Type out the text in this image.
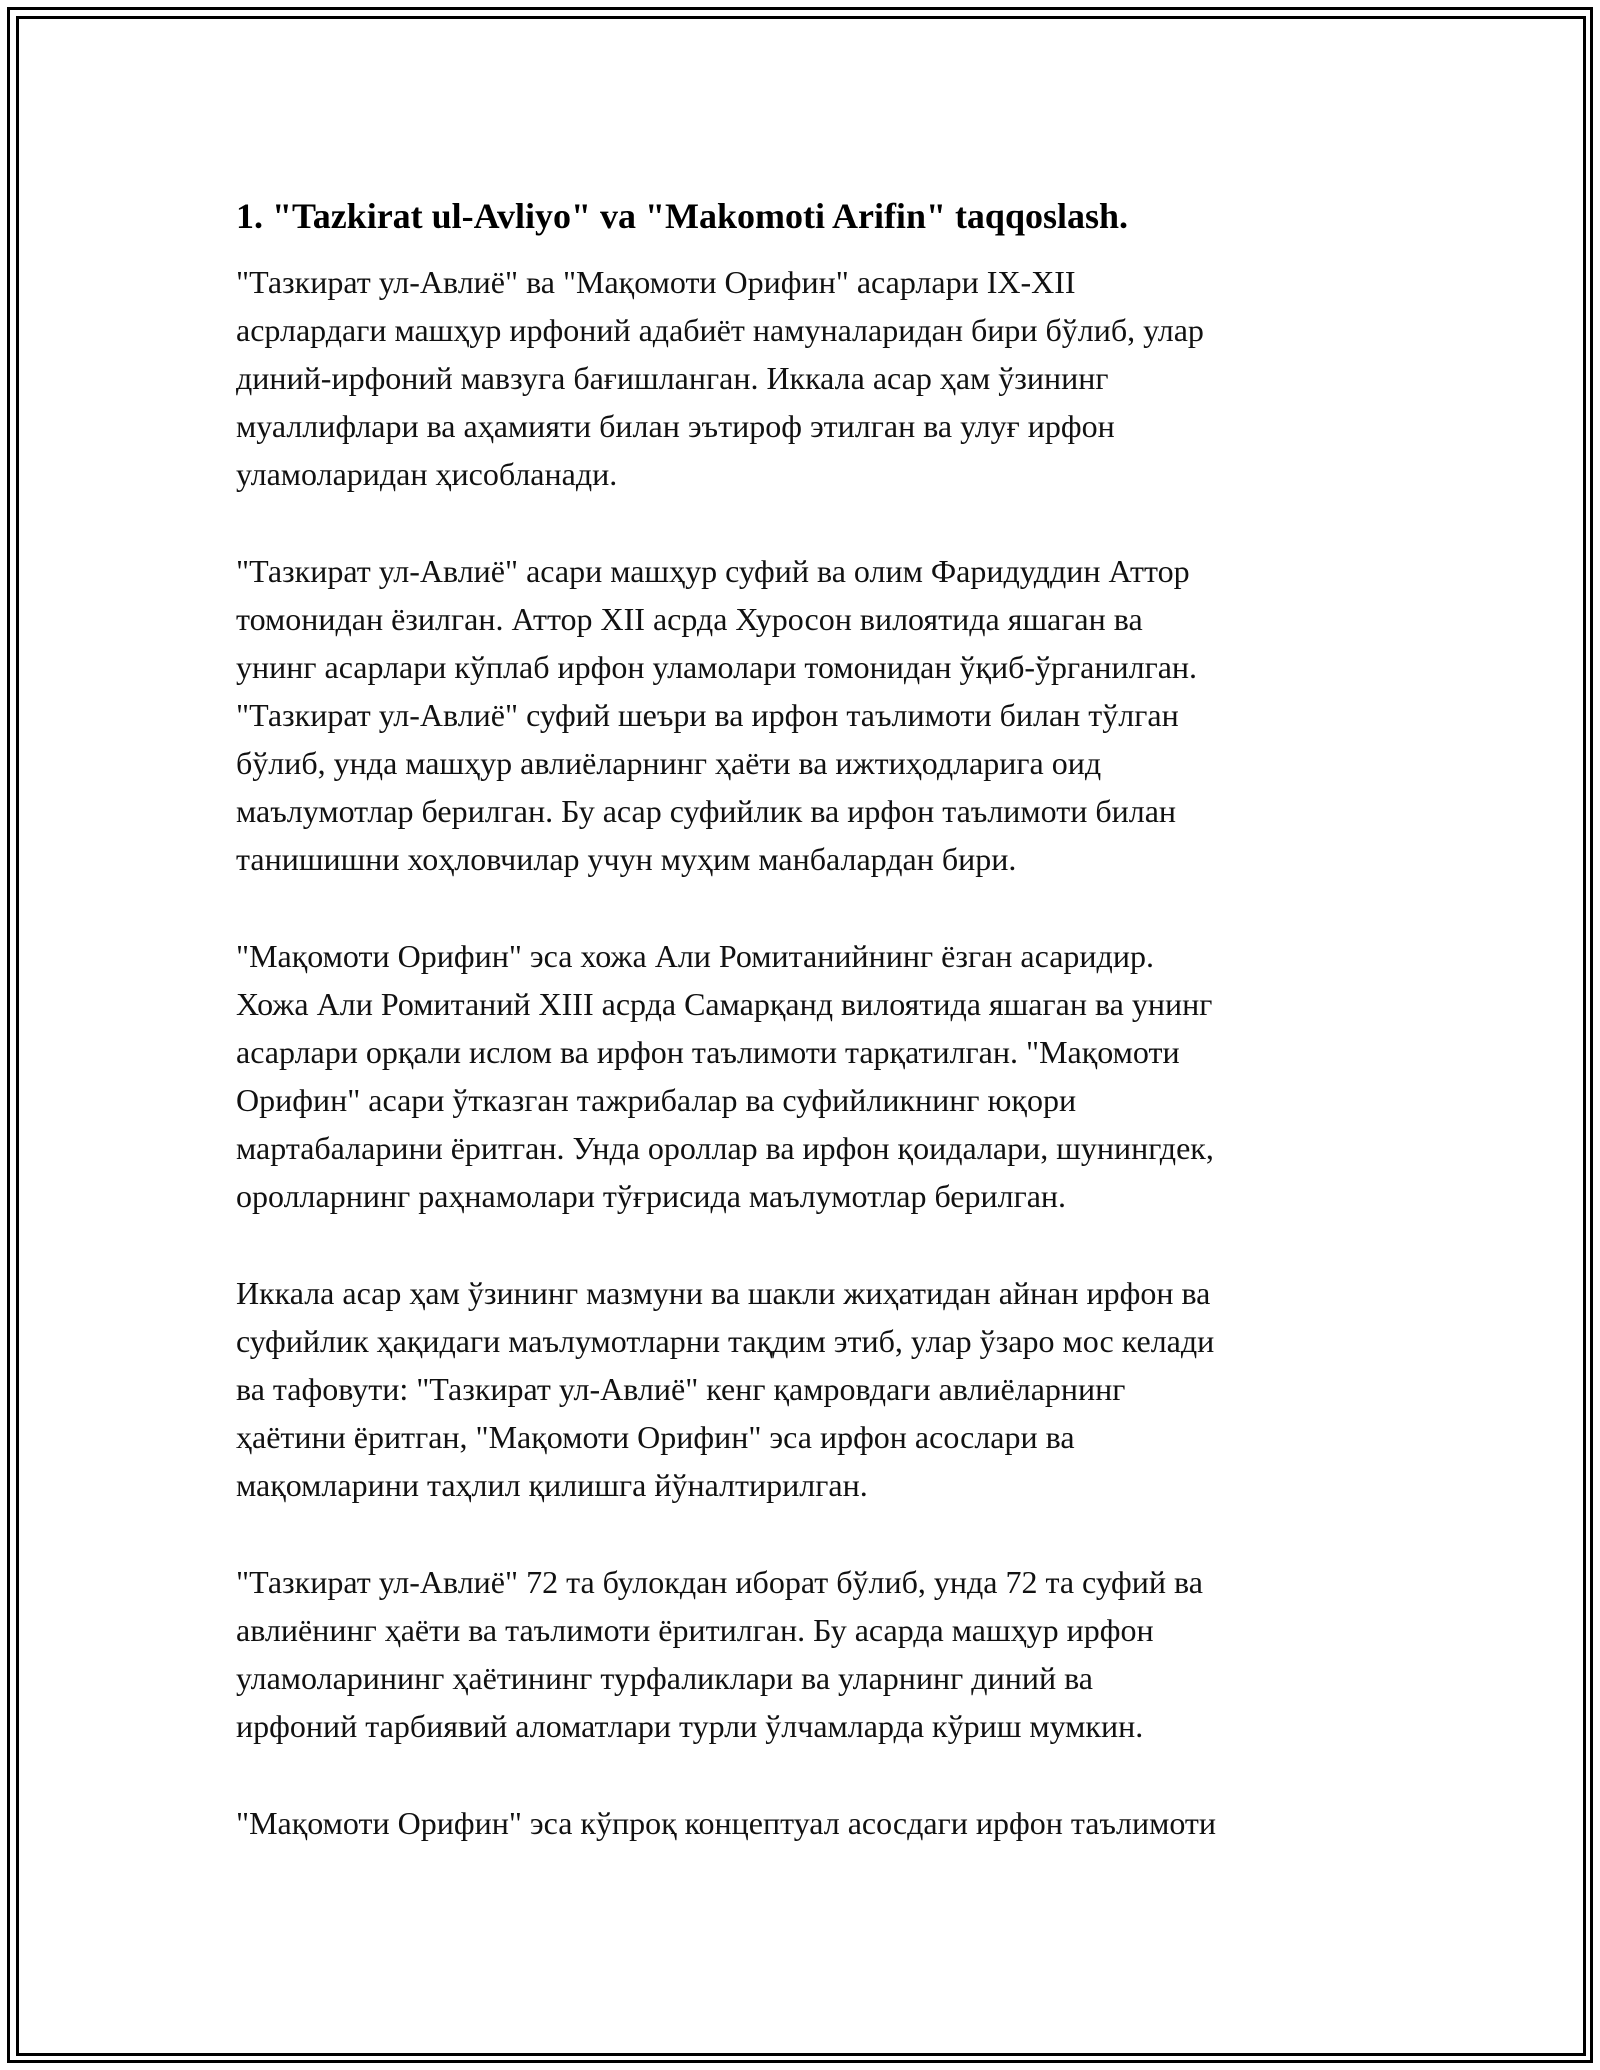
1. "Tazkirat ul-Avliyo" va "Makomoti Arifin" taqqoslash.
"Тазкират ул-Авлиё" ва "Мақомоти Орифин" асарлари IX-XII
асрлардаги машҳур ирфоний адабиёт намуналаридан бири бўлиб, улар
диний-ирфоний мавзуга бағишланган. Иккала асар ҳам ўзининг
муаллифлари ва аҳамияти билан эътироф этилган ва улуғ ирфон
уламоларидан ҳисобланади.
"Тазкират ул-Авлиё" асари машҳур суфий ва олим Фаридуддин Аттор
томонидан ёзилган. Аттор XII асрда Хуросон вилоятида яшаган ва
унинг асарлари кўплаб ирфон уламолари томонидан ўқиб-ўрганилган.
"Тазкират ул-Авлиё" суфий шеъри ва ирфон таълимоти билан тўлган
бўлиб, унда машҳур авлиёларнинг ҳаёти ва ижтиҳодларига оид
маълумотлар берилган. Бу асар суфийлик ва ирфон таълимоти билан
танишишни хоҳловчилар учун муҳим манбалардан бири.
"Мақомоти Орифин" эса хожа Али Ромитанийнинг ёзган асаридир.
Хожа Али Ромитаний XIII асрда Самарқанд вилоятида яшаган ва унинг
асарлари орқали ислом ва ирфон таълимоти тарқатилган. "Мақомоти
Орифин" асари ўтказган тажрибалар ва суфийликнинг юқори
мартабаларини ёритган. Унда ороллар ва ирфон қоидалари, шунингдек,
оролларнинг раҳнамолари тўғрисида маълумотлар берилган.
Иккала асар ҳам ўзининг мазмуни ва шакли жиҳатидан айнан ирфон ва
суфийлик ҳақидаги маълумотларни тақдим этиб, улар ўзаро мос келади
ва тафовути: "Тазкират ул-Авлиё" кенг қамровдаги авлиёларнинг
ҳаётини ёритган, "Мақомоти Орифин" эса ирфон асослари ва
мақомларини таҳлил қилишга йўналтирилган.
"Тазкират ул-Авлиё" 72 та булокдан иборат бўлиб, унда 72 та суфий ва
авлиёнинг ҳаёти ва таълимоти ёритилган. Бу асарда машҳур ирфон
уламоларининг ҳаётининг турфаликлари ва уларнинг диний ва
ирфоний тарбиявий аломатлари турли ўлчамларда кўриш мумкин.
"Мақомоти Орифин" эса кўпроқ концептуал асосдаги ирфон таълимоти
